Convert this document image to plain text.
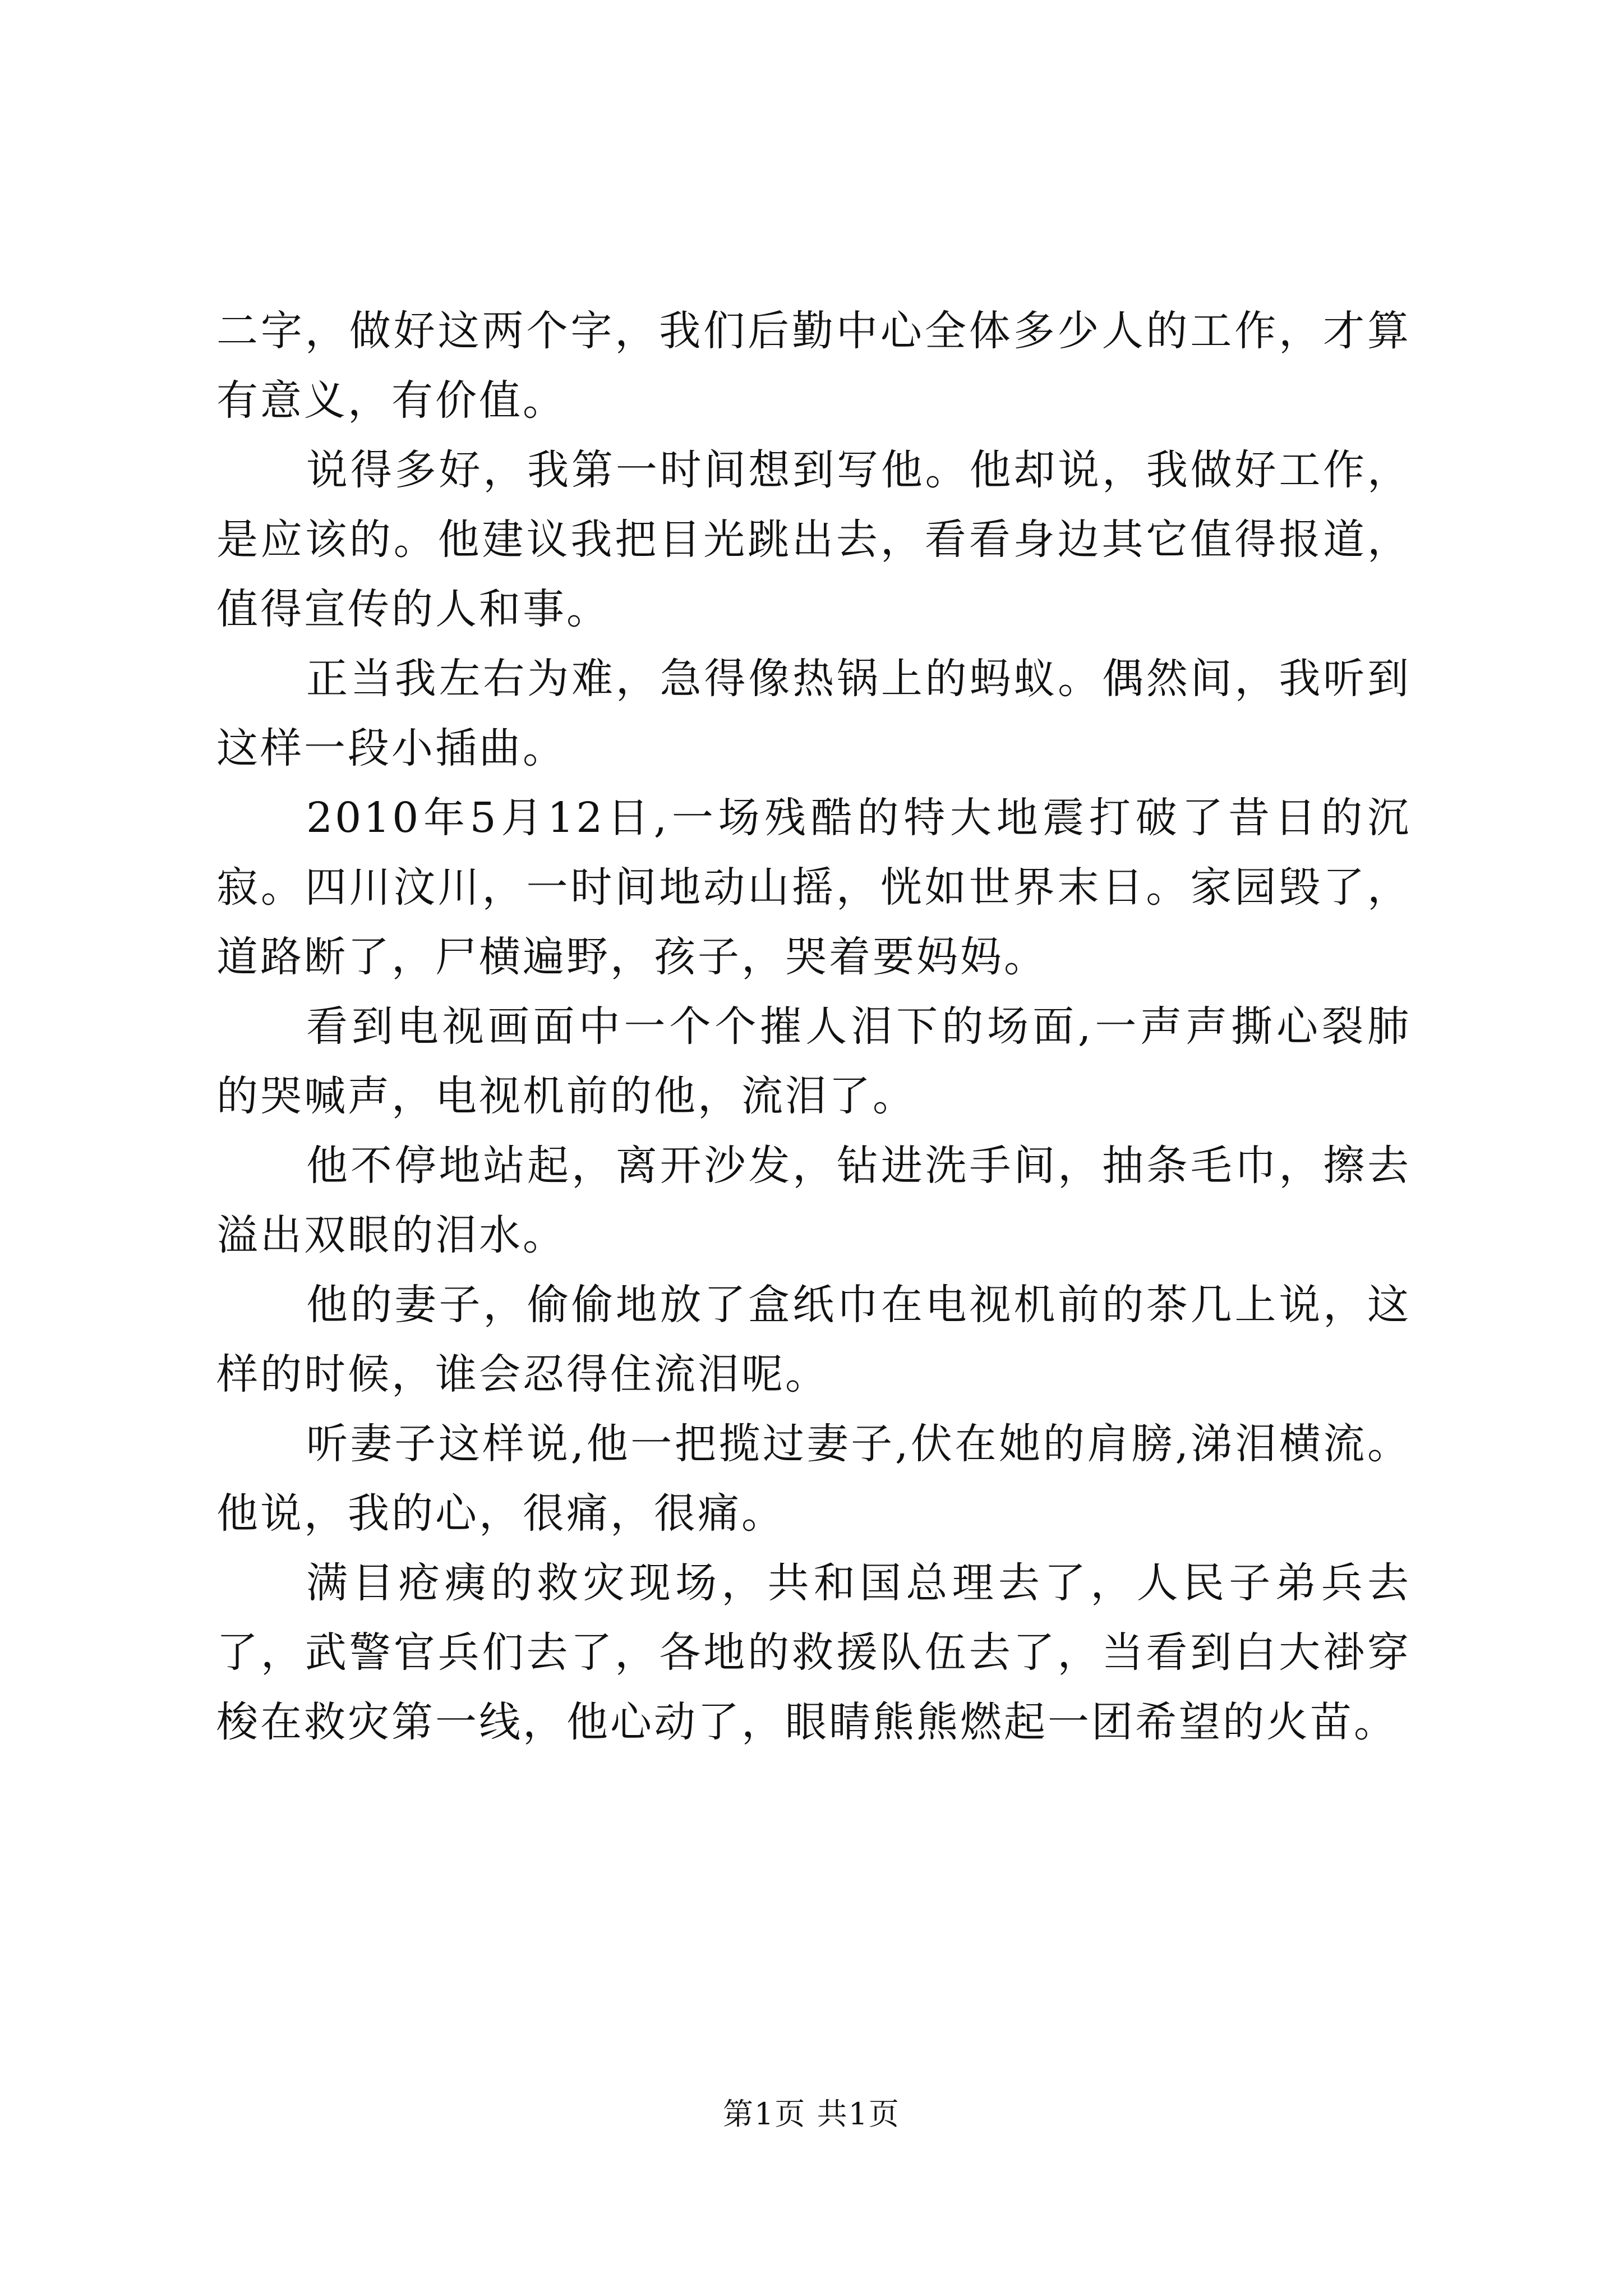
二字，做好这两个字，我们后勤中心全体多少人的工作，才算有意义，有价值。

说得多好，我第一时间想到写他。他却说，我做好工作，是应该的。他建议我把目光跳出去，看看身边其它值得报道，值得宣传的人和事。

正当我左右为难，急得像热锅上的蚂蚁。偶然间，我听到这样一段小插曲。

2010年5月12日,一场残酷的特大地震打破了昔日的沉寂。四川汶川，一时间地动山摇，恍如世界末日。家园毁了，道路断了，尸横遍野，孩子，哭着要妈妈。

看到电视画面中一个个摧人泪下的场面,一声声撕心裂肺的哭喊声，电视机前的他，流泪了。

他不停地站起，离开沙发，钻进洗手间，抽条毛巾，擦去溢出双眼的泪水。

他的妻子，偷偷地放了盒纸巾在电视机前的茶几上说，这样的时候，谁会忍得住流泪呢。

听妻子这样说,他一把揽过妻子,伏在她的肩膀,涕泪横流。他说，我的心，很痛，很痛。

满目疮痍的救灾现场，共和国总理去了，人民子弟兵去了，武警官兵们去了，各地的救援队伍去了，当看到白大褂穿梭在救灾第一线，他心动了，眼睛熊熊燃起一团希望的火苗。

第1页 共1页
